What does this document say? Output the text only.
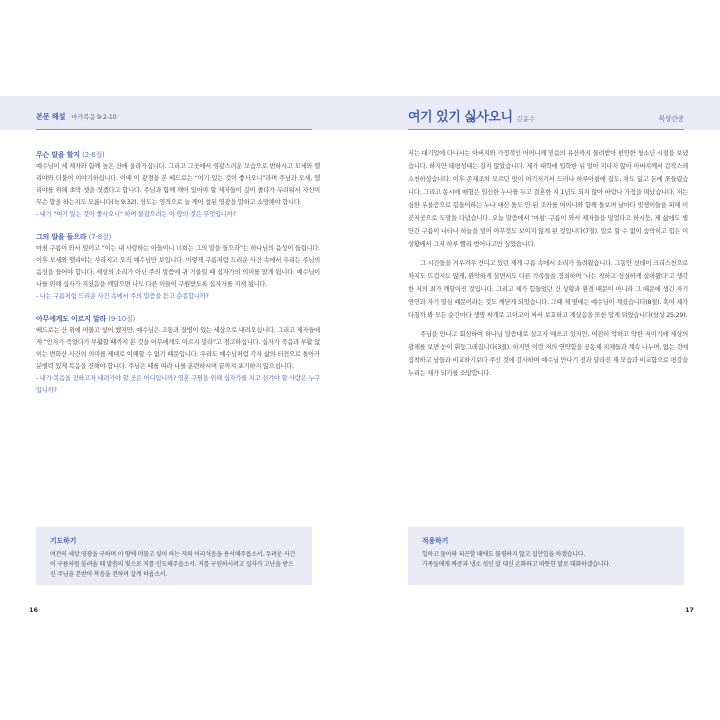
본문 해설 마가복음 9:2-10
무슨 말을 할지 (2-6절)
예수님이 세 제자와 함께 높은 산에 올라가십니다. 그리고 그곳에서 영광스러운 모습으로 변하시고 모세와 엘리야와 더불어 이야기하십니다. 이때 이 광경을 본 베드로는 “여기 있는 것이 좋사오니”라며 주님과 모세, 엘리야를 위해 초막 셋을 짓겠다고 합니다. 주님과 함께 깨어 있어야 할 제자들이 깊이 졸다가 두려워서 자신이 무슨 말을 하는지도 모릅니다(눅 9:32). 성도는 영적으로 늘 깨어 참된 영광을 말하고 소망해야 합니다.
- 내가 “여기 있는 것이 좋사오니” 하며 붙잡으려는 이 땅의 것은 무엇입니까?
그의 말을 들으라 (7-8절)
마침 구름이 와서 덮이고 “이는 내 사랑하는 아들이니 너희는 그의 말을 들으라”는 하나님의 음성이 들립니다. 이후 모세와 엘리야는 사라지고 오직 예수님만 보입니다. 이렇게 구름처럼 드리운 사건 속에서 우리는 주님의 음성을 들어야 합니다. 세상의 소리가 아닌 주의 말씀에 귀 기울일 때 십자가의 의미를 알게 됩니다. 예수님이 나를 위해 십자가 지셨음을 깨달으면 나도 다른 이들이 구원받도록 십자가를 지게 됩니다.
- 나는 구름처럼 드리운 사건 속에서 주의 말씀을 듣고 순종합니까?
아무에게도 이르지 말라 (9-10절)
베드로는 산 위에 머물고 싶어 했지만, 예수님은 고통과 질병이 있는 세상으로 내려오십니다. 그리고 제자들에게 “인자가 죽었다가 부활할 때까지 본 것을 아무에게도 이르지 말라”고 경고하십니다. 십자가 죽음과 부활 없이는 변화산 사건의 의미를 제대로 이해할 수 없기 때문입니다. 우리도 예수님처럼 각자 삶의 터전으로 돌아가 분별력 있게 복음을 전해야 합니다. 주님은 때를 따라 나를 훈련하시며 끝까지 포기하지 않으십니다.
- 내가 복음을 전하고자 내려가야 할 곳은 어디입니까? 영혼 구원을 위해 십자가를 지고 섬겨야 할 사람은 누구입니까?
기도하기
여전히 세상 영광을 구하며 이 땅에 머물고 싶어 하는 저의 어리석음을 용서해주옵소서. 두려운 사건이 구름처럼 몰려올 때 말씀의 빛으로 저를 인도해주옵소서. 저를 구원하시려고 십자가 고난을 받으신 주님을 본받아 복음을 전하며 살게 하옵소서.
16
여기 있기 싫사오니 김윤수	묵상간증
저는 대기업에 다니시는 아버지와 가정적인 어머니께 믿음의 유산까지 물려받아 편안한 청소년 시절을 보냈습니다. 하지만 태평성대는 길지 않았습니다. 제가 대학에 입학한 뒤 얼마 지나지 않아 아버지께서 갑작스레 소천하셨습니다. 이후 존재조차 모르던 빚이 여기저기서 드러나 하루아침에 집도, 차도 잃고 돈에 쪼들렸습니다. 그리고 동시에 매형은 임신한 누나를 두고 결혼한 지 1년도 되지 않아 바람나 가정을 떠났습니다. 저는 심한 우울증으로 힘들어하는 누나 대신 돌도 안 된 조카를 어머니와 함께 돌보며 날마다 빚쟁이들을 피해 이곳저곳으로 도망을 다녔습니다. 오늘 말씀에서 ‘마침’ 구름이 와서 제자들을 덮었다고 하시듯, 제 삶에도 별안간 구름이 나타나 하늘을 덮어 아무것도 보이지 않게 된 것입니다(7절). 말로 할 수 없이 숨막히고 힘든 이 상황에서 그저 하루 빨리 벗어나고만 싶었습니다.
그 시간들을 겨우겨우 견디고 있던 제게 구름 속에서 소리가 들려왔습니다. 그동안 선데이 크리스천으로 차지도 뜨겁지도 않게, 완악하게 살면서도 다른 가족들을 정죄하며 ‘나는 착하고 성실하게 살아왔다’고 생각한 저의 죄가 깨달아진 것입니다. 그리고 제가 힘들었던 건 상황과 환경 때문이 아니라 그 때문에 생긴 자기 연민과 자기 열심 때문이라는 것도 깨닫게 되었습니다. 그때 제 옆에는 예수님이 계셨습니다(8절). 혹여 제가 다칠까 봐 모든 순간마다 생명 싸개로 고이고이 싸서 보호하고 계셨음을 또한 알게 되었습니다(삼상 25:29).
주님을 만나고 회심하여 하나님 말씀대로 살고자 애쓰고 있지만, 여전히 악하고 약한 저이기에 세상의 광채를 보면 눈이 휘둥그레집니다(3절). 하지만 이런 저의 연약함을 공동체 지체들과 계속 나누며, 없는 것에 집착하고 남들과 비교하기보다 주신 것에 감사하며 예수님 만나기 전과 달라진 제 모습과 비교함으로 평강을 누리는 제가 되기를 소망합니다.
적용하기
일하고 돌아와 피곤할 때에도 불평하지 않고 집안일을 하겠습니다.
가족들에게 짜증과 냉소 섞인 말 대신 온화하고 따뜻한 말로 대화하겠습니다.
17
